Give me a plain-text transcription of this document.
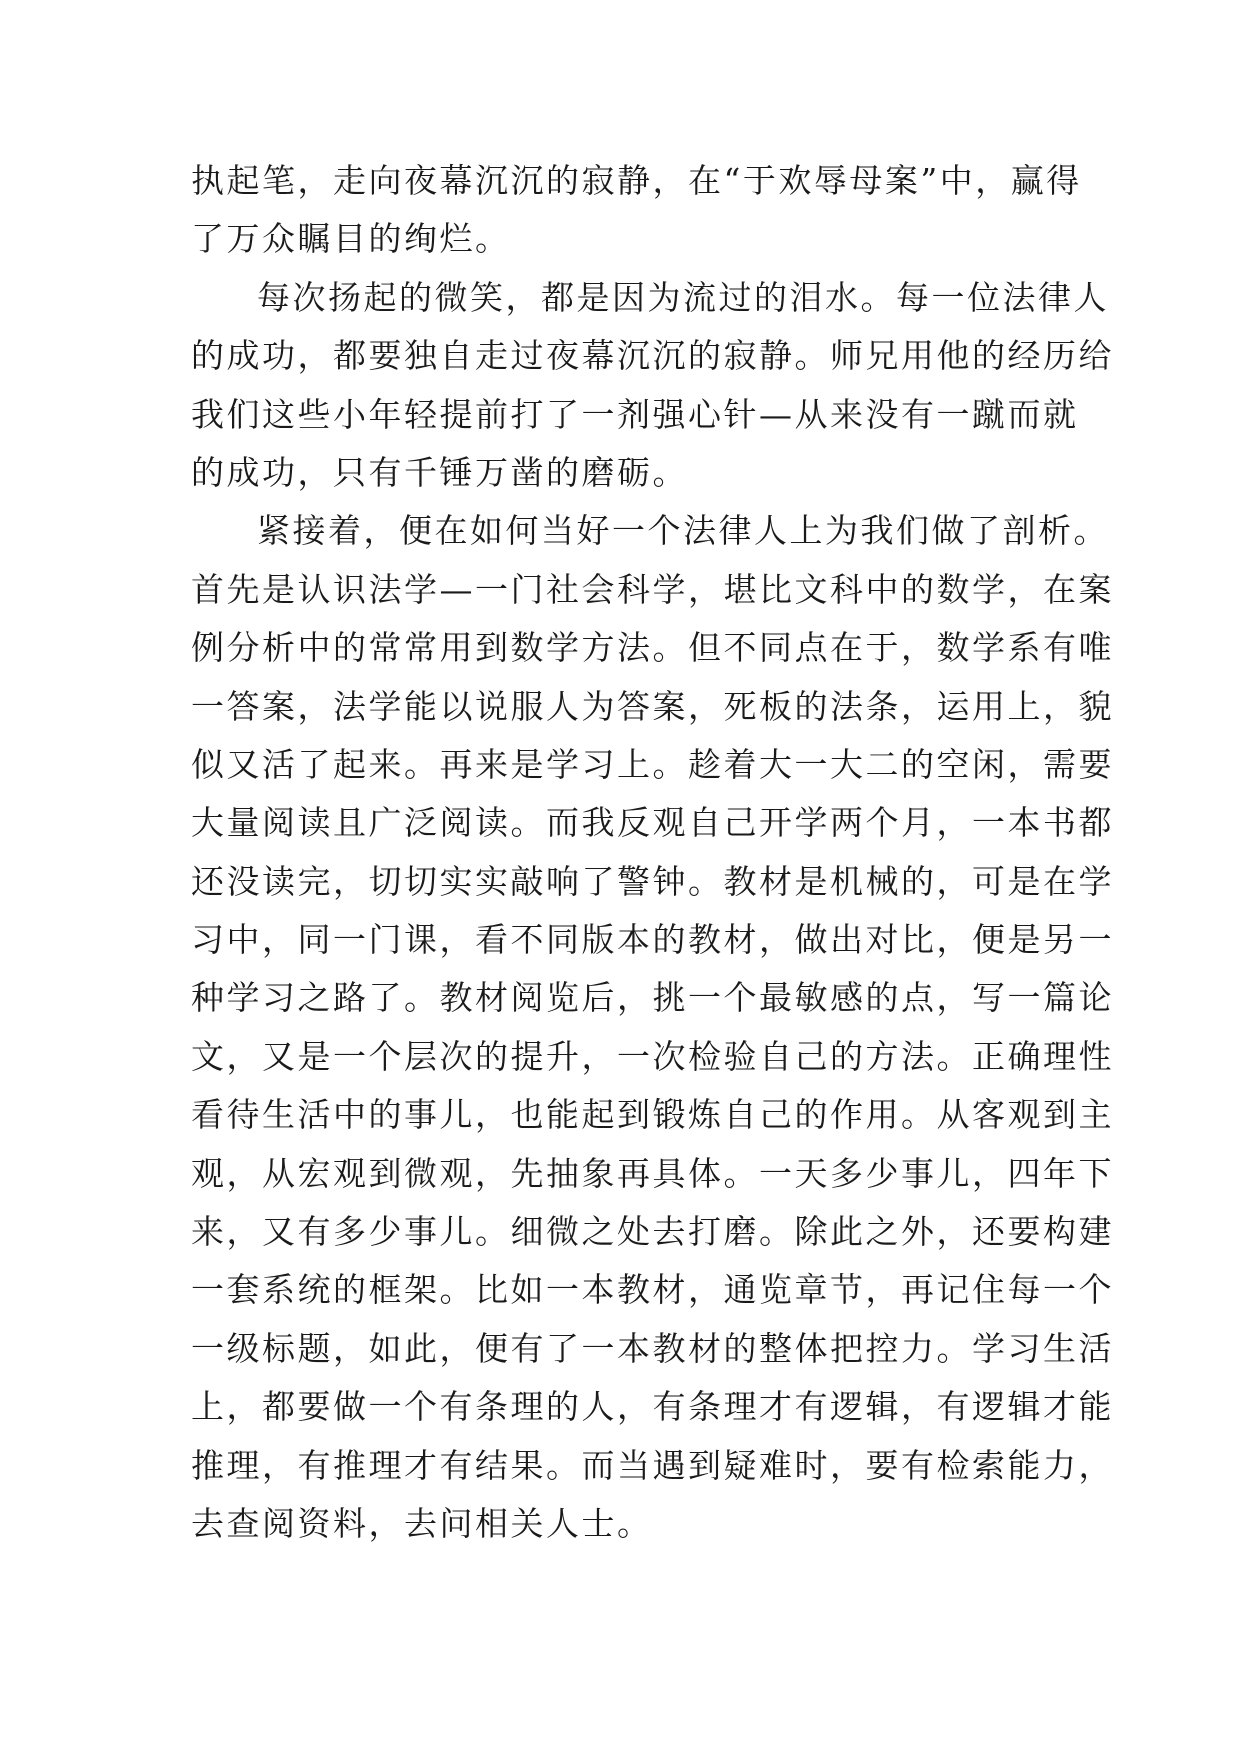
执起笔，走向夜幕沉沉的寂静，在“于欢辱母案”中，赢得
了万众瞩目的绚烂。
每次扬起的微笑，都是因为流过的泪水。每一位法律人
的成功，都要独自走过夜幕沉沉的寂静。师兄用他的经历给
我们这些小年轻提前打了一剂强心针—从来没有一蹴而就
的成功，只有千锤万凿的磨砺。
紧接着，便在如何当好一个法律人上为我们做了剖析。
首先是认识法学—一门社会科学，堪比文科中的数学，在案
例分析中的常常用到数学方法。但不同点在于，数学系有唯
一答案，法学能以说服人为答案，死板的法条，运用上，貌
似又活了起来。再来是学习上。趁着大一大二的空闲，需要
大量阅读且广泛阅读。而我反观自己开学两个月，一本书都
还没读完，切切实实敲响了警钟。教材是机械的，可是在学
习中，同一门课，看不同版本的教材，做出对比，便是另一
种学习之路了。教材阅览后，挑一个最敏感的点，写一篇论
文，又是一个层次的提升，一次检验自己的方法。正确理性
看待生活中的事儿，也能起到锻炼自己的作用。从客观到主
观，从宏观到微观，先抽象再具体。一天多少事儿，四年下
来，又有多少事儿。细微之处去打磨。除此之外，还要构建
一套系统的框架。比如一本教材，通览章节，再记住每一个
一级标题，如此，便有了一本教材的整体把控力。学习生活
上，都要做一个有条理的人，有条理才有逻辑，有逻辑才能
推理，有推理才有结果。而当遇到疑难时，要有检索能力，
去查阅资料，去问相关人士。
